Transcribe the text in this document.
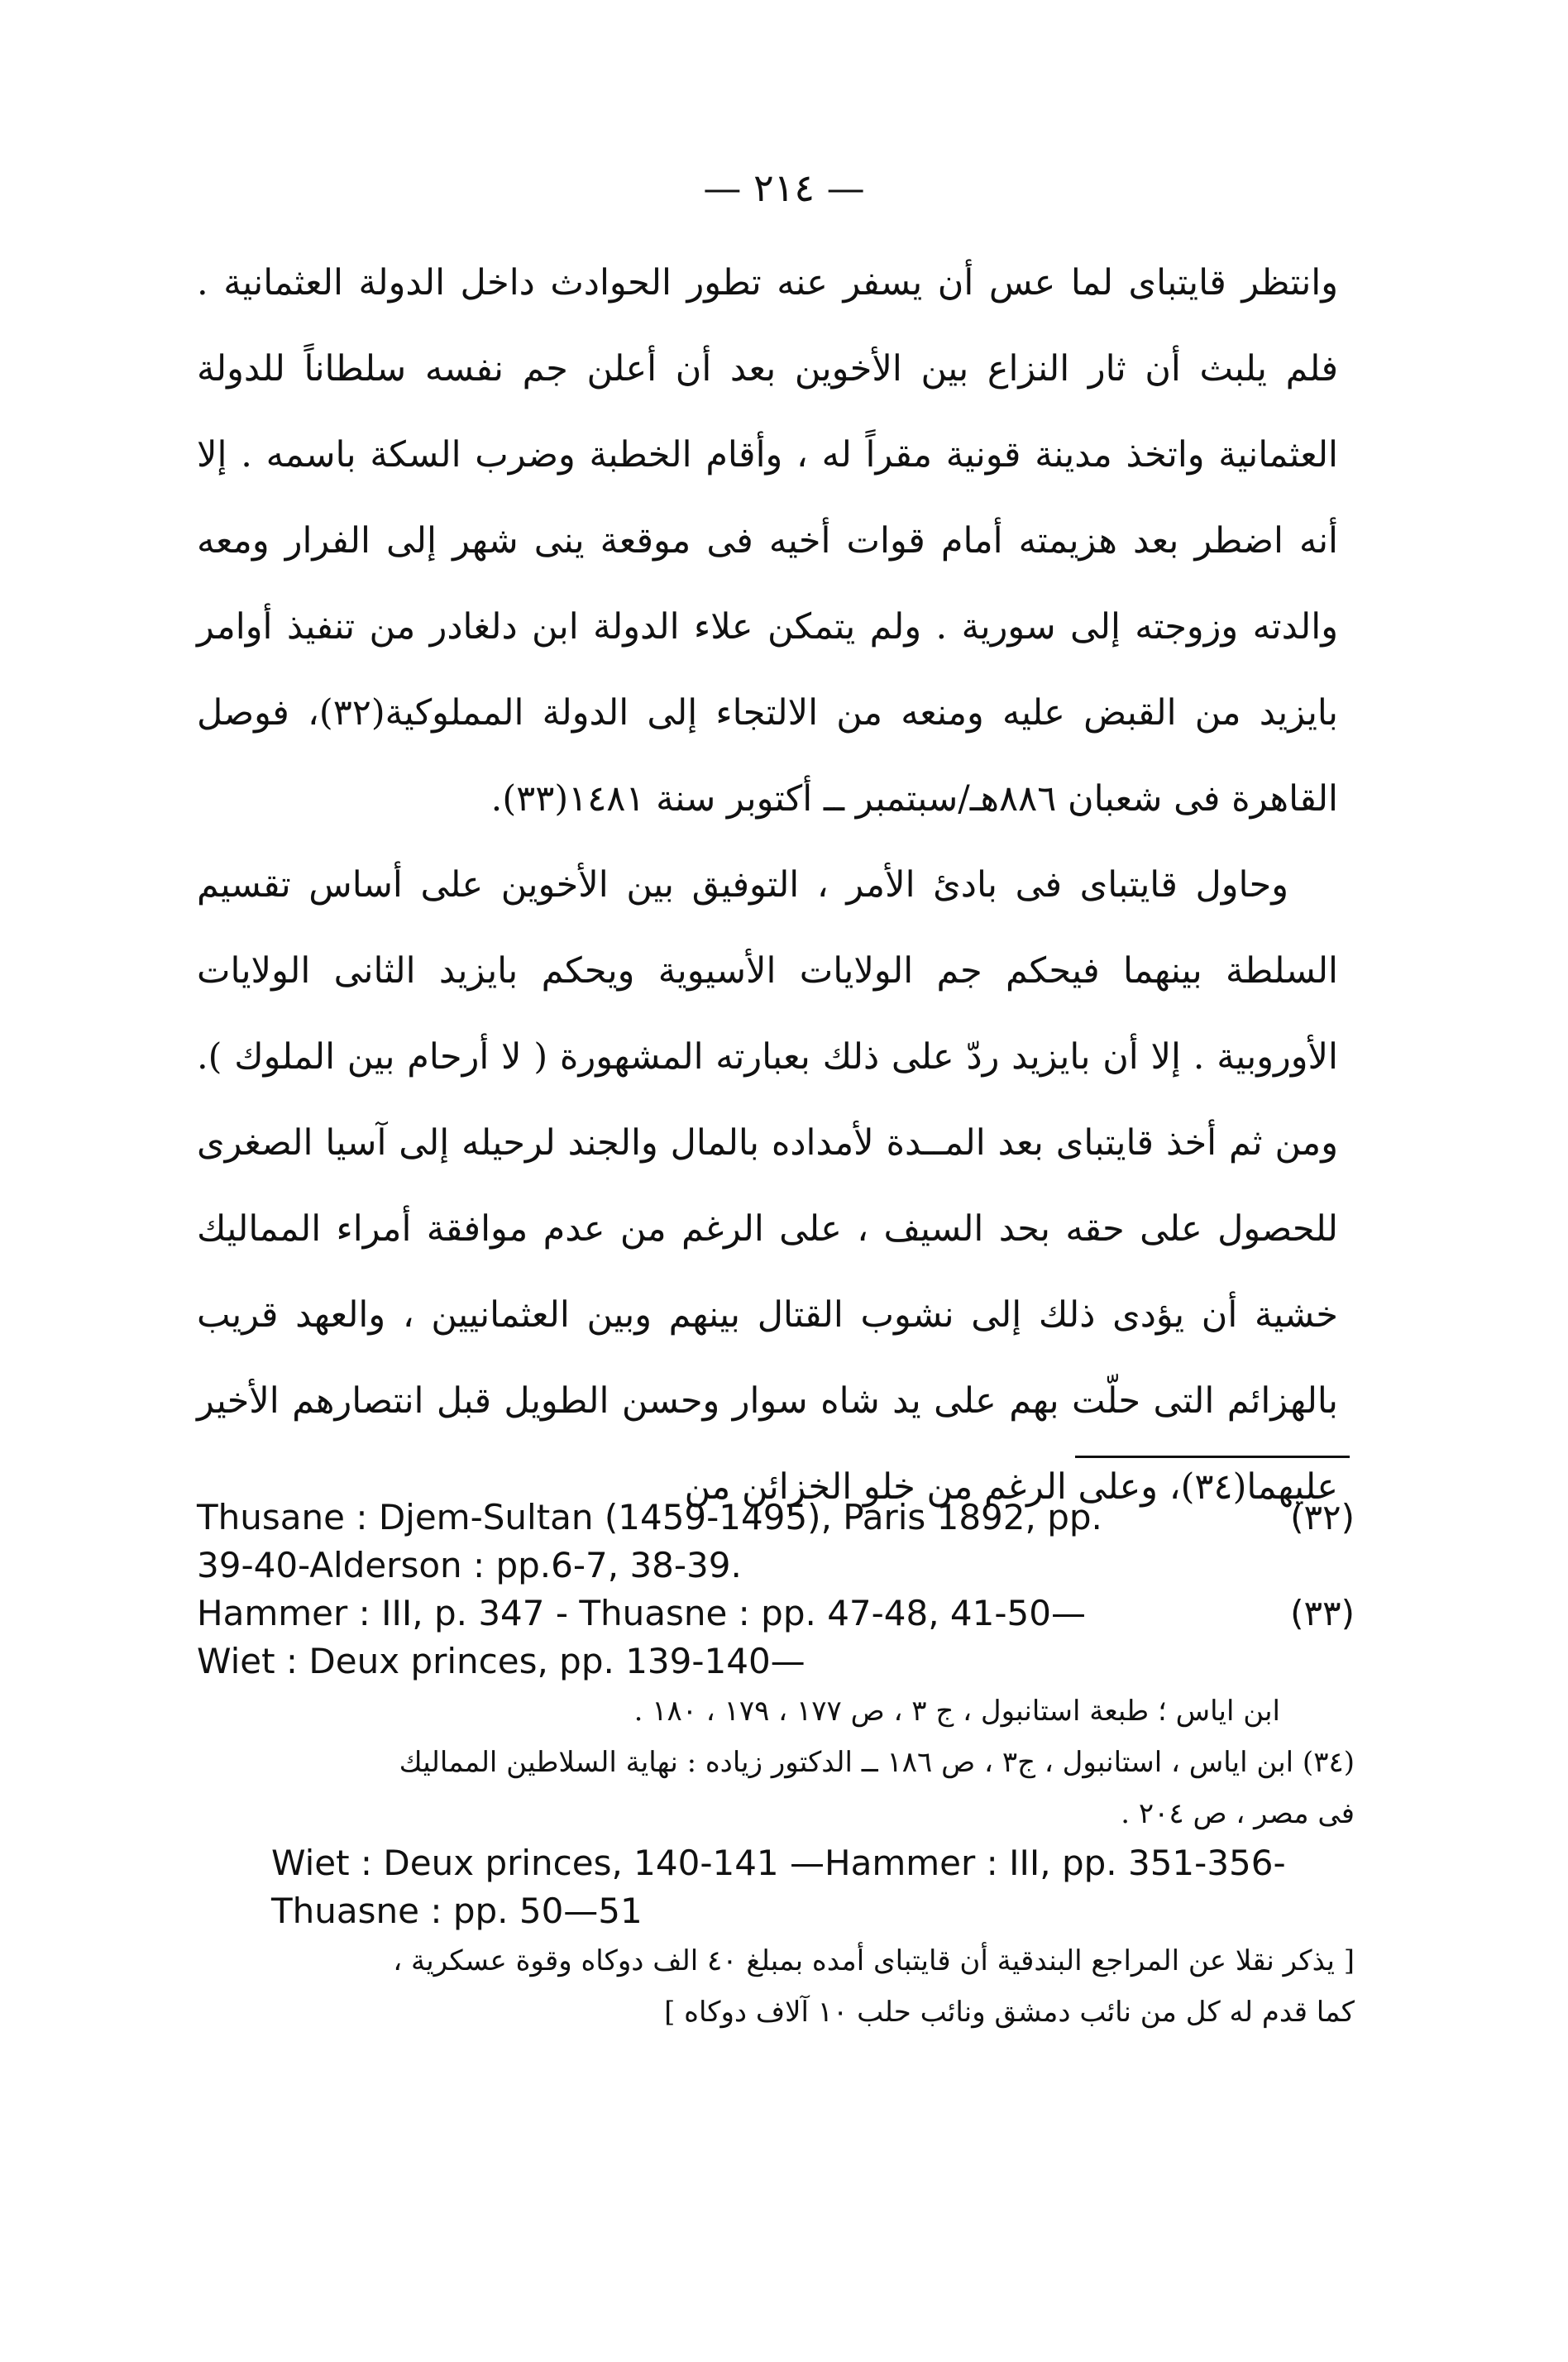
— ٢١٤ —

وانتظر قايتباى لما عس أن يسفر عنه تطور الحوادث داخل الدولة العثمانية . فلم يلبث أن ثار النزاع بين الأخوين بعد أن أعلن جم نفسه سلطاناً للدولة العثمانية واتخذ مدينة قونية مقراً له ، وأقام الخطبة وضرب السكة باسمه . إلا أنه اضطر بعد هزيمته أمام قوات أخيه فى موقعة ينى شهر إلى الفرار ومعه والدته وزوجته إلى سورية . ولم يتمكن علاء الدولة ابن دلغادر من تنفيذ أوامر بايزيد من القبض عليه ومنعه من الالتجاء إلى الدولة المملوكية(٣٢)، فوصل القاهرة فى شعبان ٨٨٦هـ/سبتمبر ــ أكتوبر سنة ١٤٨١(٣٣).

وحاول قايتباى فى بادئ الأمر ، التوفيق بين الأخوين على أساس تقسيم السلطة بينهما فيحكم جم الولايات الأسيوية ويحكم بايزيد الثانى الولايات الأوروبية . إلا أن بايزيد ردّ على ذلك بعبارته المشهورة ( لا أرحام بين الملوك ). ومن ثم أخذ قايتباى بعد المــدة لأمداده بالمال والجند لرحيله إلى آسيا الصغرى للحصول على حقه بحد السيف ، على الرغم من عدم موافقة أمراء المماليك خشية أن يؤدى ذلك إلى نشوب القتال بينهم وبين العثمانيين ، والعهد قريب بالهزائم التى حلّت بهم على يد شاه سوار وحسن الطويل قبل انتصارهم الأخير عليهما(٣٤)، وعلى الرغم من خلو الخزائن من

(٣٢)
Thusane : Djem-Sultan (1459-1495), Paris 1892, pp.
39-40-Alderson : pp.6-7, 38-39.
(٣٣)
Hammer : III, p. 347 - Thuasne : pp. 47-48, 41-50—
Wiet : Deux princes, pp. 139-140—
ابن اياس ؛ طبعة استانبول ، ج ٣ ، ص ١٧٧ ، ١٧٩ ، ١٨٠ .
(٣٤) ابن اياس ، استانبول ، ج٣ ، ص ١٨٦ ــ الدكتور زياده : نهاية السلاطين المماليك
فى مصر ، ص ٢٠٤ .
Wiet : Deux princes, 140-141 —Hammer : III, pp. 351-356-
Thuasne : pp. 50—51
[ يذكر نقلا عن المراجع البندقية أن قايتباى أمده بمبلغ ٤٠ الف دوكاه وقوة عسكرية ،
كما قدم له كل من نائب دمشق ونائب حلب ١٠ آلاف دوكاه ]
